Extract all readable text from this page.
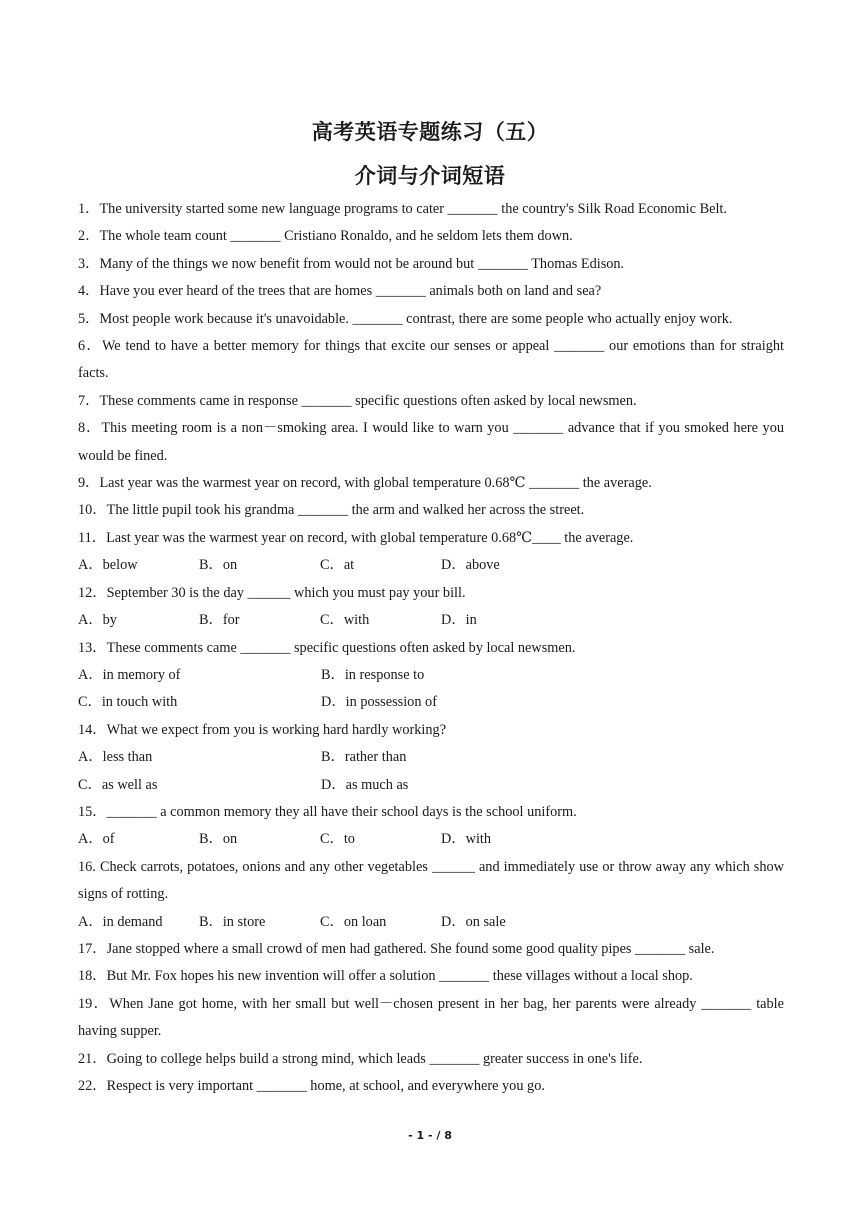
高考英语专题练习（五）
介词与介词短语

1．The university started some new language programs to cater _______ the country's Silk Road Economic Belt.

2．The whole team count _______ Cristiano Ronaldo, and he seldom lets them down.

3．Many of the things we now benefit from would not be around but _______ Thomas Edison.

4．Have you ever heard of the trees that are homes _______ animals both on land and sea?

5．Most people work because it's unavoidable. _______ contrast, there are some people who actually enjoy work.

6．We tend to have a better memory for things that excite our senses or appeal _______ our emotions than for straight facts.

7．These comments came in response _______ specific questions often asked by local newsmen.

8．This meeting room is a non－smoking area. I would like to warn you _______ advance that if you smoked here you would be fined.

9．Last year was the warmest year on record, with global temperature 0.68℃ _______ the average.

10．The little pupil took his grandma _______ the arm and walked her across the street.

11．Last year was the warmest year on record, with global temperature 0.68℃____ the average.

A．below	B．on	C．at	D．above

12．September 30 is the day ______ which you must pay your bill.

A．by	B．for	C．with	D．in

13．These comments came _______ specific questions often asked by local newsmen.

A．in memory of	B．in response to
C．in touch with	D．in possession of

14．What we expect from you is working hard hardly working?

A．less than	B．rather than
C．as well as	D．as much as

15．_______ a common memory they all have their school days is the school uniform.

A．of	B．on	C．to	D．with

16. Check carrots, potatoes, onions and any other vegetables ______ and immediately use or throw away any which show signs of rotting.

A．in demand	B．in store	C．on loan	D．on sale

17．Jane stopped where a small crowd of men had gathered. She found some good quality pipes _______ sale.

18．But Mr. Fox hopes his new invention will offer a solution _______ these villages without a local shop.

19．When Jane got home, with her small but well－chosen present in her bag, her parents were already _______ table having supper.

21．Going to college helps build a strong mind, which leads _______ greater success in one's life.

22．Respect is very important _______ home, at school, and everywhere you go.

- 1 - / 8
